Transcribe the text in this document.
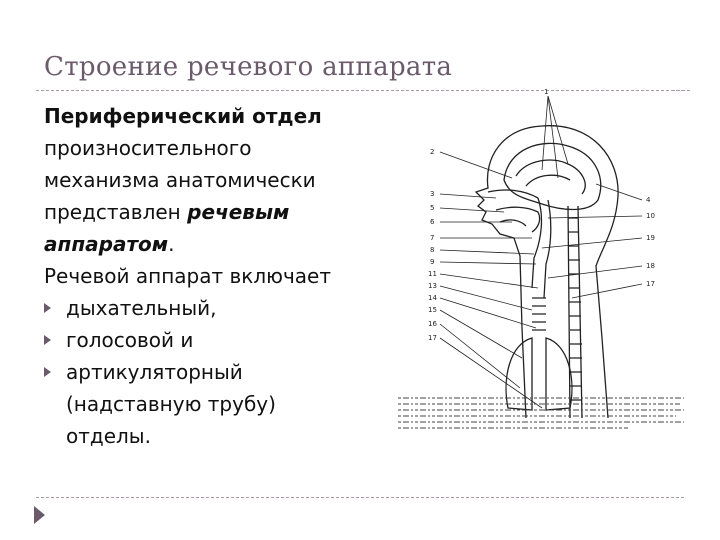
Строение речевого аппарата

Периферический отдел
произносительного
механизма анатомически
представлен речевым
аппаратом.

Речевой аппарат включает

дыхательный,
голосовой и
артикуляторный
(надставную трубу)
отделы.
2
3
5
6
7
8
9
11
13
14
15
16
17
1
4
10
19
18
17
